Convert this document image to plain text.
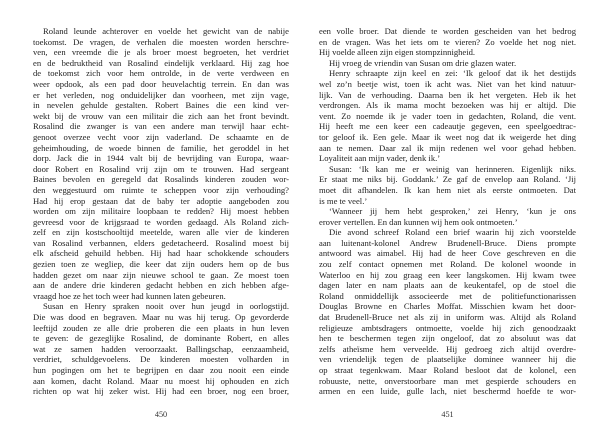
Roland leunde achterover en voelde het gewicht van de nabije
toekomst. De vragen, de verhalen die moesten worden herschre-
ven, een vreemde die je als broer moest begroeten, het verdriet
en de bedruktheid van Rosalind eindelijk verklaard. Hij zag hoe
de toekomst zich voor hem ontrolde, in de verte verdween en
weer opdook, als een pad door heuvelachtig terrein. En dan was
er het verleden, nog onduidelijker dan voorheen, met zijn vage,
in nevelen gehulde gestalten. Robert Baines die een kind ver-
wekt bij de vrouw van een militair die zich aan het front bevindt.
Rosalind die zwanger is van een andere man terwijl haar echt-
genoot overzee vecht voor zijn vaderland. De schaamte en de
geheimhouding, de woede binnen de familie, het geroddel in het
dorp. Jack die in 1944 valt bij de bevrijding van Europa, waar-
door Robert en Rosalind vrij zijn om te trouwen. Had sergeant
Baines bevolen en geregeld dat Rosalinds kinderen zouden wor-
den weggestuurd om ruimte te scheppen voor zijn verhouding?
Had hij erop gestaan dat de baby ter adoptie aangeboden zou
worden om zijn militaire loopbaan te redden? Hij moest hebben
gevreesd voor de krijgsraad te worden gedaagd. Als Roland zich-
zelf en zijn kostschooltijd meetelde, waren alle vier de kinderen
van Rosalind verbannen, elders gedetacheerd. Rosalind moest bij
elk afscheid gehuild hebben. Hij had haar schokkende schouders
gezien toen ze wegliep, die keer dat zijn ouders hem op de bus
hadden gezet om naar zijn nieuwe school te gaan. Ze moest toen
aan de andere drie kinderen gedacht hebben en zich hebben afge-
vraagd hoe ze het toch weer had kunnen laten gebeuren.
Susan en Henry spraken nooit over hun jeugd in oorlogstijd.
Die was dood en begraven. Maar nu was hij terug. Op gevorderde
leeftijd zouden ze alle drie proberen die een plaats in hun leven
te geven: de gezeglijke Rosalind, de dominante Robert, en alles
wat ze samen hadden veroorzaakt. Ballingschap, eenzaamheid,
verdriet, schuldgevoelens. De kinderen moesten volharden in
hun pogingen om het te begrijpen en daar zou nooit een einde
aan komen, dacht Roland. Maar nu moest hij ophouden en zich
richten op wat hij zeker wist. Hij had een broer, nog een broer,
450
een volle broer. Dat diende te worden gescheiden van het bedrog
en de vragen. Was het iets om te vieren? Zo voelde het nog niet.
Hij voelde alleen zijn eigen stompzinnigheid.
Hij vroeg de vriendin van Susan om drie glazen water.
Henry schraapte zijn keel en zei: ‘Ik geloof dat ik het destijds
wel zo’n beetje wist, toen ik acht was. Niet van het kind natuur-
lijk. Van de verhouding. Daarna ben ik het vergeten. Heb ik het
verdrongen. Als ik mama mocht bezoeken was hij er altijd. Die
vent. Zo noemde ik je vader toen in gedachten, Roland, die vent.
Hij heeft me een keer een cadeautje gegeven, een speelgoedtrac-
tor geloof ik. Een gele. Maar ik weet nog dat ik weigerde het ding
aan te nemen. Daar zal ik mijn redenen wel voor gehad hebben.
Loyaliteit aan mijn vader, denk ik.’
Susan: ‘Ik kan me er weinig van herinneren. Eigenlijk niks.
Er staat me niks bij. Goddank.’ Ze gaf de envelop aan Roland. ‘Jij
moet dit afhandelen. Ik kan hem niet als eerste ontmoeten. Dat
is me te veel.’
‘Wanneer jij hem hebt gesproken,’ zei Henry, ‘kun je ons
erover vertellen. En dan kunnen wij hem ook ontmoeten.’
Die avond schreef Roland een brief waarin hij zich voorstelde
aan luitenant-kolonel Andrew Brudenell-Bruce. Diens prompte
antwoord was aimabel. Hij had de heer Cove geschreven en die
zou zelf contact opnemen met Roland. De kolonel woonde in
Waterloo en hij zou graag een keer langskomen. Hij kwam twee
dagen later en nam plaats aan de keukentafel, op de stoel die
Roland onmiddellijk associeerde met de politiefunctionarissen
Douglas Browne en Charles Moffat. Misschien kwam het door-
dat Brudenell-Bruce net als zij in uniform was. Altijd als Roland
religieuze ambtsdragers ontmoette, voelde hij zich genoodzaakt
hen te beschermen tegen zijn ongeloof, dat zo absoluut was dat
zelfs atheïsme hem verveelde. Hij gedroeg zich altijd overdre-
ven vriendelijk tegen de plaatselijke dominee wanneer hij die
op straat tegenkwam. Maar Roland besloot dat de kolonel, een
robuuste, nette, onverstoorbare man met gespierde schouders en
armen en een luide, gulle lach, niet beschermd hoefde te wor-
451
